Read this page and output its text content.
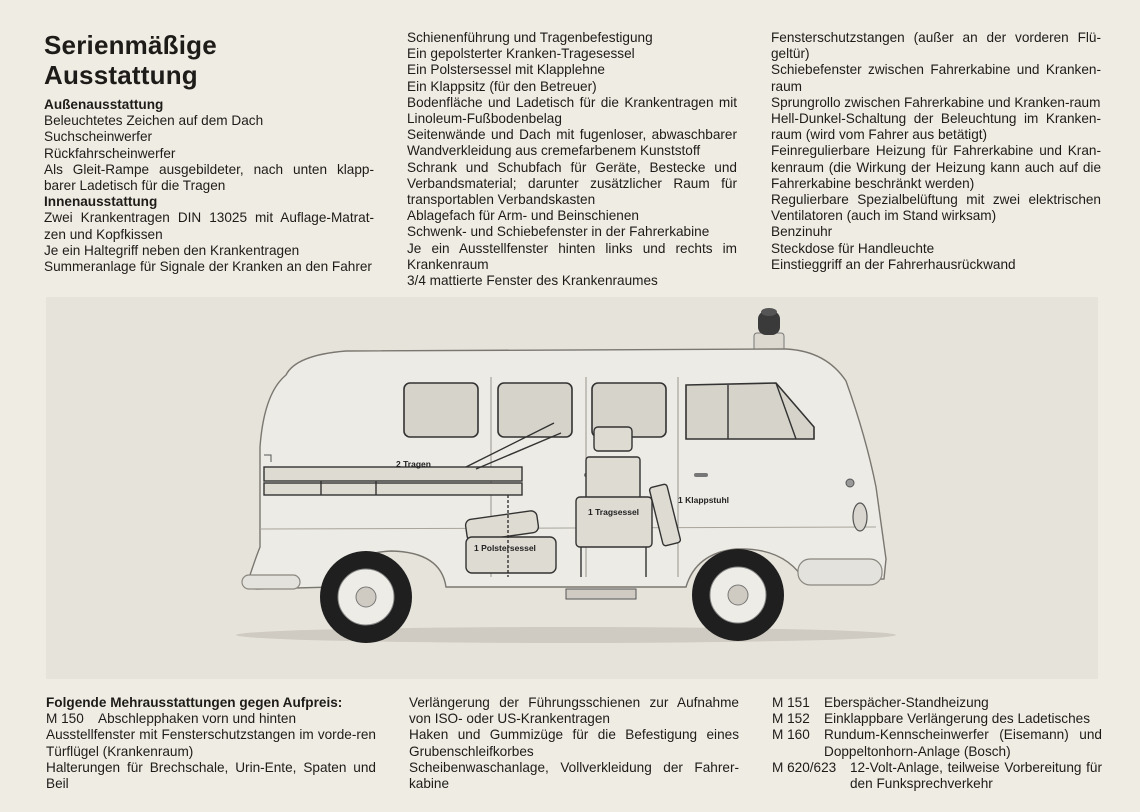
Serienmäßige
Ausstattung

Außenausstattung

Beleuchtetes Zeichen auf dem Dach

Suchscheinwerfer

Rückfahrscheinwerfer

Als Gleit-Rampe ausgebildeter, nach unten klapp-barer Ladetisch für die Tragen

Innenausstattung

Zwei Krankentragen DIN 13025 mit Auflage-Matrat-zen und Kopfkissen

Je ein Haltegriff neben den Krankentragen

Summeranlage für Signale der Kranken an den Fahrer

Schienenführung und Tragenbefestigung

Ein gepolsterter Kranken-Tragesessel

Ein Polstersessel mit Klapplehne

Ein Klappsitz (für den Betreuer)

Bodenfläche und Ladetisch für die Krankentragen mit Linoleum-Fußbodenbelag

Seitenwände und Dach mit fugenloser, abwaschbarer Wandverkleidung aus cremefarbenem Kunststoff

Schrank und Schubfach für Geräte, Bestecke und Verbandsmaterial; darunter zusätzlicher Raum für transportablen Verbandskasten

Ablagefach für Arm- und Beinschienen

Schwenk- und Schiebefenster in der Fahrerkabine

Je ein Ausstellfenster hinten links und rechts im Krankenraum

3/4 mattierte Fenster des Krankenraumes

Fensterschutzstangen (außer an der vorderen Flü-geltür)

Schiebefenster zwischen Fahrerkabine und Kranken-raum

Sprungrollo zwischen Fahrerkabine und Kranken-raum

Hell-Dunkel-Schaltung der Beleuchtung im Kranken-raum (wird vom Fahrer aus betätigt)

Feinregulierbare Heizung für Fahrerkabine und Kran-kenraum (die Wirkung der Heizung kann auch auf die Fahrerkabine beschränkt werden)

Regulierbare Spezialbelüftung mit zwei elektrischen Ventilatoren (auch im Stand wirksam)

Benzinuhr

Steckdose für Handleuchte

Einstieggriff an der Fahrerhausrückwand

2 Tragen
1 Tragsessel
1 Klappstuhl
1 Polstersessel

Folgende Mehrausstattungen gegen Aufpreis:

M 150	Abschlepphaken vorn und hinten

Ausstellfenster mit Fensterschutzstangen im vorde-ren Türflügel (Krankenraum)

Halterungen für Brechschale, Urin-Ente, Spaten und Beil

Verlängerung der Führungsschienen zur Aufnahme von ISO- oder US-Krankentragen

Haken und Gummizüge für die Befestigung eines Grubenschleifkorbes

Scheibenwaschanlage, Vollverkleidung der Fahrer-kabine

M 151	Eberspächer-Standheizung
M 152	Einklappbare Verlängerung des Ladetisches
M 160	Rundum-Kennscheinwerfer (Eisemann) und Doppeltonhorn-Anlage (Bosch)
M 620/623	12-Volt-Anlage, teilweise Vorbereitung für den Funksprechverkehr
